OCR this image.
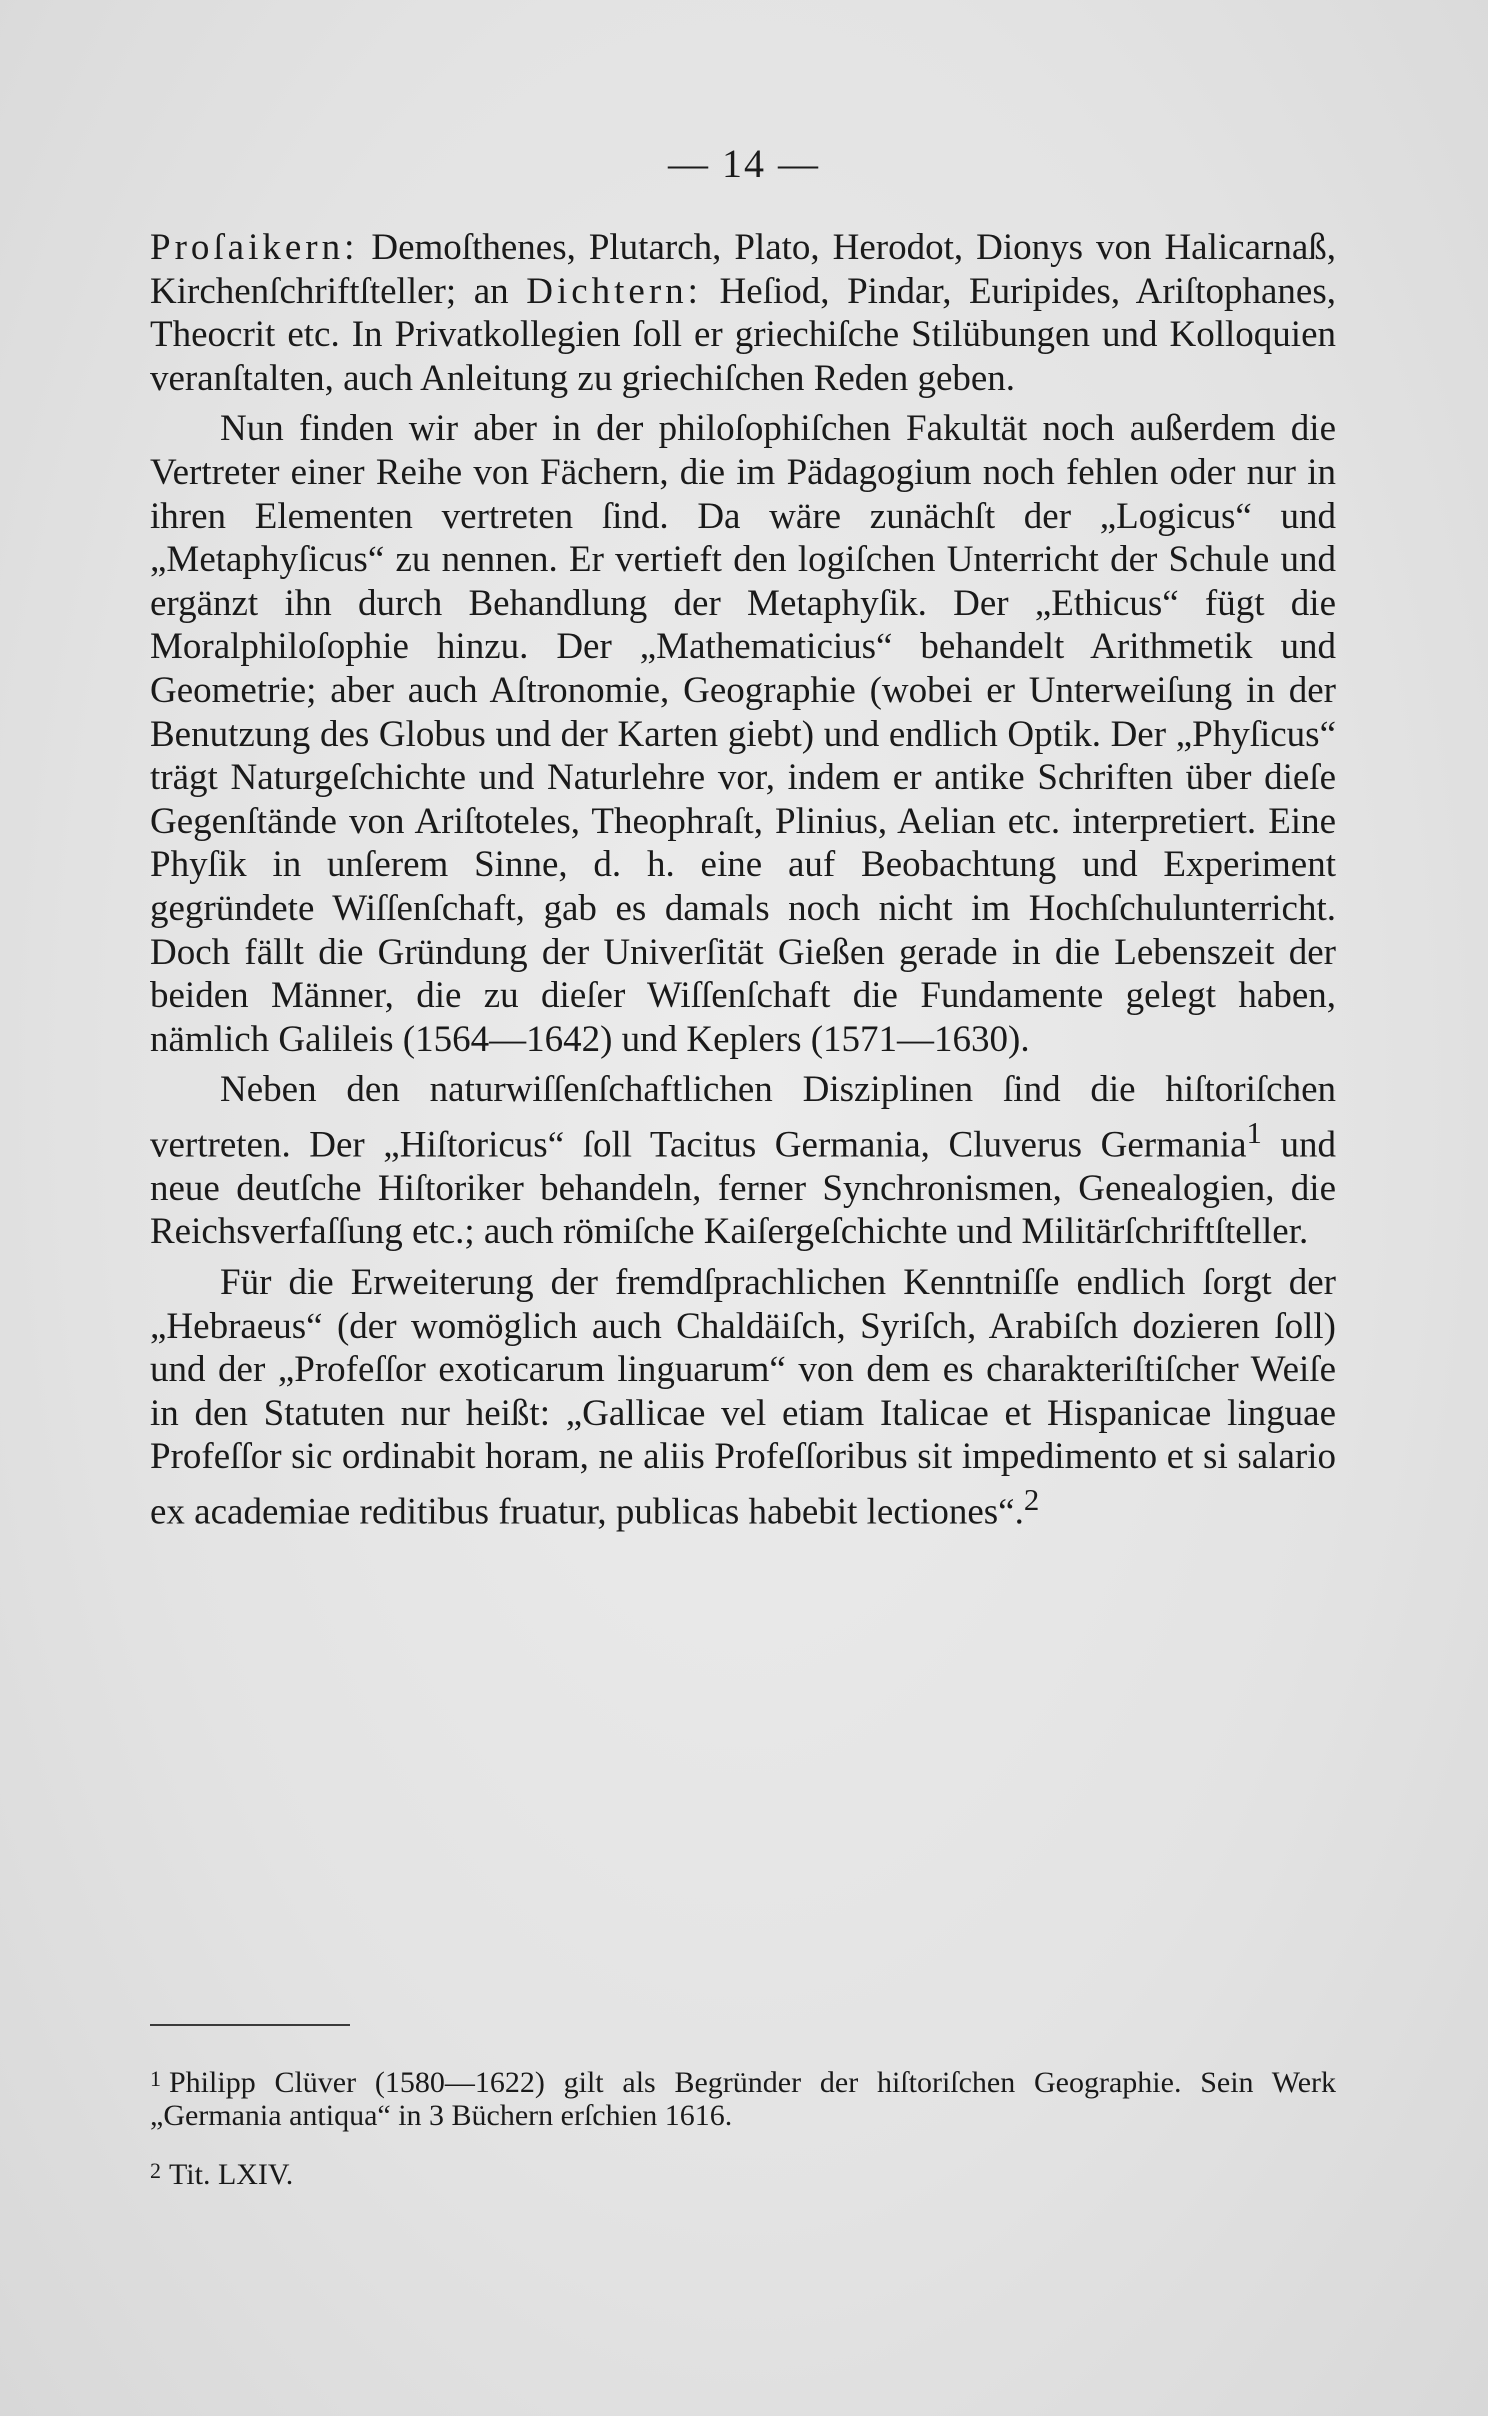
— 14 —

Proſaikern: Demoſthenes, Plutarch, Plato, Herodot, Dionys von Halicarnaß, Kirchenſchriftſteller; an Dichtern: Heſiod, Pindar, Euripides, Ariſtophanes, Theocrit etc. In Privatkollegien ſoll er griechiſche Stilübungen und Kolloquien veranſtalten, auch Anleitung zu griechiſchen Reden geben.

Nun finden wir aber in der philoſophiſchen Fakultät noch außerdem die Vertreter einer Reihe von Fächern, die im Pädagogium noch fehlen oder nur in ihren Elementen vertreten ſind. Da wäre zunächſt der „Logicus“ und „Metaphyſicus“ zu nennen. Er vertieft den logiſchen Unterricht der Schule und ergänzt ihn durch Behandlung der Metaphyſik. Der „Ethicus“ fügt die Moralphiloſophie hinzu. Der „Mathematicius“ behandelt Arithmetik und Geometrie; aber auch Aſtronomie, Geographie (wobei er Unterweiſung in der Benutzung des Globus und der Karten giebt) und endlich Optik. Der „Phyſicus“ trägt Naturgeſchichte und Naturlehre vor, indem er antike Schriften über dieſe Gegenſtände von Ariſtoteles, Theophraſt, Plinius, Aelian etc. interpretiert. Eine Phyſik in unſerem Sinne, d. h. eine auf Beobachtung und Experiment gegründete Wiſſenſchaft, gab es damals noch nicht im Hochſchulunterricht. Doch fällt die Gründung der Univerſität Gießen gerade in die Lebenszeit der beiden Männer, die zu dieſer Wiſſenſchaft die Fundamente gelegt haben, nämlich Galileis (1564—1642) und Keplers (1571—1630).

Neben den naturwiſſenſchaftlichen Disziplinen ſind die hiſtoriſchen vertreten. Der „Hiſtoricus“ ſoll Tacitus Germania, Cluverus Germania$^1$ und neue deutſche Hiſtoriker behandeln, ferner Synchronismen, Genealogien, die Reichsverfaſſung etc.; auch römiſche Kaiſergeſchichte und Militärſchriftſteller.

Für die Erweiterung der fremdſprachlichen Kenntniſſe endlich ſorgt der „Hebraeus“ (der womöglich auch Chaldäiſch, Syriſch, Arabiſch dozieren ſoll) und der „Profeſſor exoticarum linguarum“ von dem es charakteriſtiſcher Weiſe in den Statuten nur heißt: „Gallicae vel etiam Italicae et Hispanicae linguae Profeſſor sic ordinabit horam, ne aliis Profeſſoribus sit impedimento et si salario ex academiae reditibus fruatur, publicas habebit lectiones“.$^2$

$^1$ Philipp Clüver (1580—1622) gilt als Begründer der hiſtoriſchen Geographie. Sein Werk „Germania antiqua“ in 3 Büchern erſchien 1616.

$^2$ Tit. LXIV.
